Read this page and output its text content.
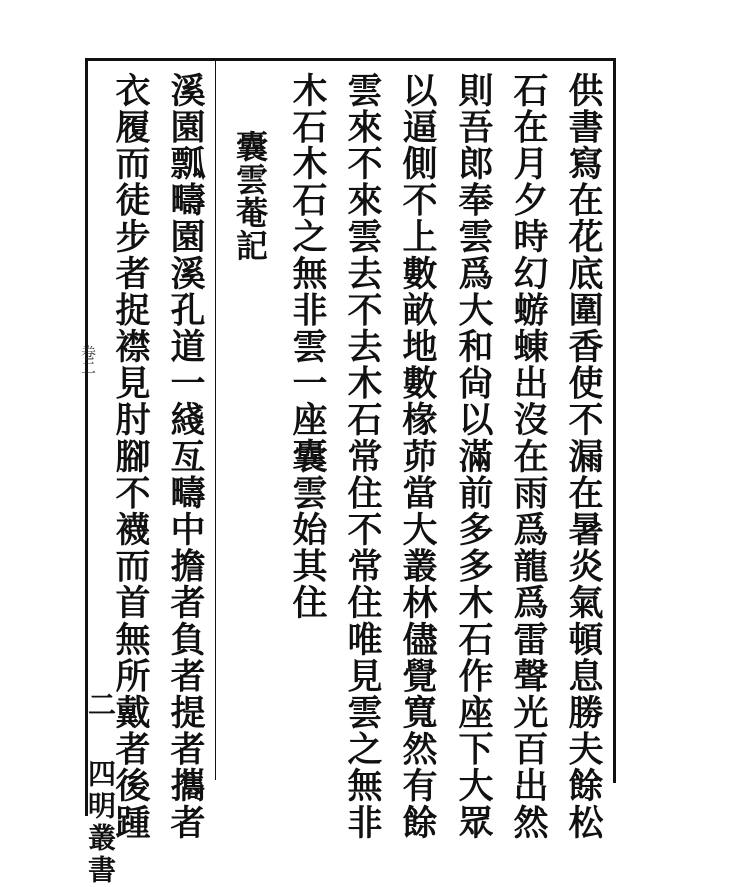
供書寫在花底圍香使不漏在暑炎氣頓息勝夫餘松
石在月夕時幻蝣蝀出沒在雨爲龍爲雷聲光百出然
則吾郎奉雲爲大和尙以滿前多多木石作座下大眾
以逼側不上數畝地數椽茆當大叢林儘覺寬然有餘
雲來不來雲去不去木石常住不常住唯見雲之無非
木石木石之無非雲一座囊雲始其住
囊雲菴記
溪園瓢疇園溪孔道一綫亙疇中擔者負者提者攜者
衣履而徒步者捉襟見肘腳不襪而首無所戴者後踵
卷二
二 四明叢書
